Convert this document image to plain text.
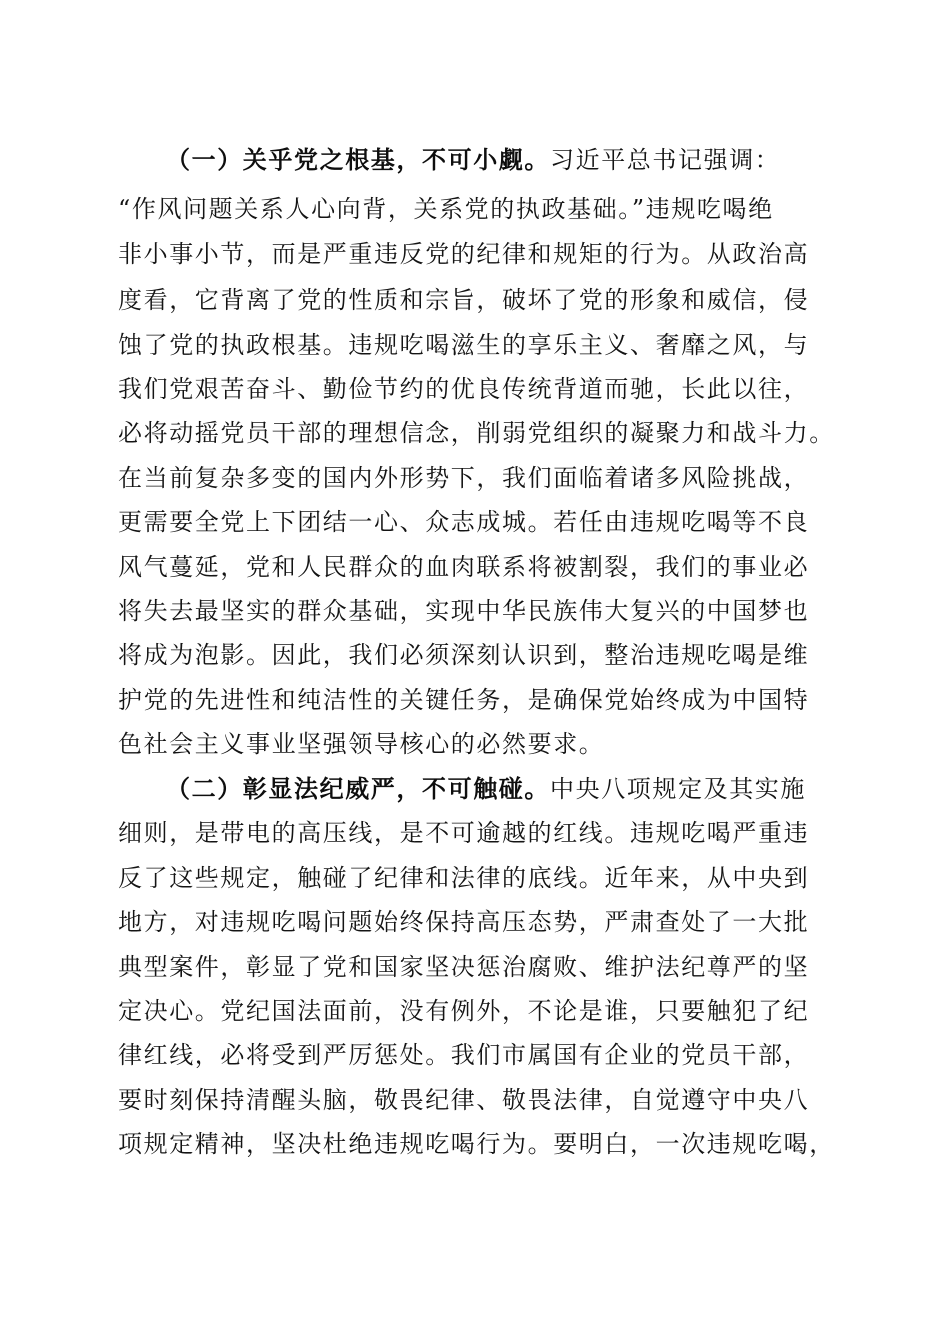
（一）关乎党之根基，不可小觑。习近平总书记强调：
“作风问题关系人心向背，关系党的执政基础。”违规吃喝绝
非小事小节，而是严重违反党的纪律和规矩的行为。从政治高
度看，它背离了党的性质和宗旨，破坏了党的形象和威信，侵
蚀了党的执政根基。违规吃喝滋生的享乐主义、奢靡之风，与
我们党艰苦奋斗、勤俭节约的优良传统背道而驰，长此以往，
必将动摇党员干部的理想信念，削弱党组织的凝聚力和战斗力。
在当前复杂多变的国内外形势下，我们面临着诸多风险挑战，
更需要全党上下团结一心、众志成城。若任由违规吃喝等不良
风气蔓延，党和人民群众的血肉联系将被割裂，我们的事业必
将失去最坚实的群众基础，实现中华民族伟大复兴的中国梦也
将成为泡影。因此，我们必须深刻认识到，整治违规吃喝是维
护党的先进性和纯洁性的关键任务，是确保党始终成为中国特
色社会主义事业坚强领导核心的必然要求。
（二）彰显法纪威严，不可触碰。中央八项规定及其实施
细则，是带电的高压线，是不可逾越的红线。违规吃喝严重违
反了这些规定，触碰了纪律和法律的底线。近年来，从中央到
地方，对违规吃喝问题始终保持高压态势，严肃查处了一大批
典型案件，彰显了党和国家坚决惩治腐败、维护法纪尊严的坚
定决心。党纪国法面前，没有例外，不论是谁，只要触犯了纪
律红线，必将受到严厉惩处。我们市属国有企业的党员干部，
要时刻保持清醒头脑，敬畏纪律、敬畏法律，自觉遵守中央八
项规定精神，坚决杜绝违规吃喝行为。要明白，一次违规吃喝，
